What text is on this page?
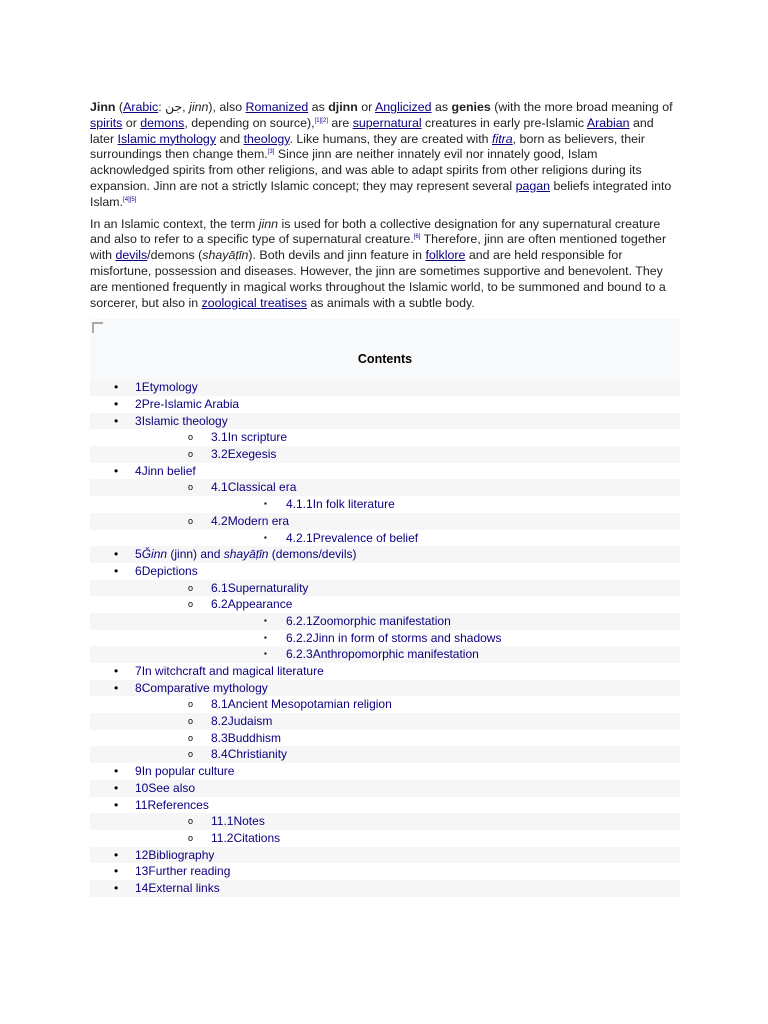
Jinn (Arabic: جن, jinn), also Romanized as djinn or Anglicized as genies (with the more broad meaning of spirits or demons, depending on source),[1][2] are supernatural creatures in early pre-Islamic Arabian and later Islamic mythology and theology. Like humans, they are created with fitra, born as believers, their surroundings then change them.[3] Since jinn are neither innately evil nor innately good, Islam acknowledged spirits from other religions, and was able to adapt spirits from other religions during its expansion. Jinn are not a strictly Islamic concept; they may represent several pagan beliefs integrated into Islam.[4][5]

In an Islamic context, the term jinn is used for both a collective designation for any supernatural creature and also to refer to a specific type of supernatural creature.[6] Therefore, jinn are often mentioned together with devils/demons (shayāṭīn). Both devils and jinn feature in folklore and are held responsible for misfortune, possession and diseases. However, the jinn are sometimes supportive and benevolent. They are mentioned frequently in magical works throughout the Islamic world, to be summoned and bound to a sorcerer, but also in zoological treatises as animals with a subtle body.

Contents
• 1Etymology
• 2Pre-Islamic Arabia
• 3Islamic theology
o 3.1In scripture
o 3.2Exegesis
• 4Jinn belief
o 4.1Classical era
▪ 4.1.1In folk literature
o 4.2Modern era
▪ 4.2.1Prevalence of belief
• 5Ǧinn (jinn) and shayāṭīn (demons/devils)
• 6Depictions
o 6.1Supernaturality
o 6.2Appearance
▪ 6.2.1Zoomorphic manifestation
▪ 6.2.2Jinn in form of storms and shadows
▪ 6.2.3Anthropomorphic manifestation
• 7In witchcraft and magical literature
• 8Comparative mythology
o 8.1Ancient Mesopotamian religion
o 8.2Judaism
o 8.3Buddhism
o 8.4Christianity
• 9In popular culture
• 10See also
• 11References
o 11.1Notes
o 11.2Citations
• 12Bibliography
• 13Further reading
• 14External links
